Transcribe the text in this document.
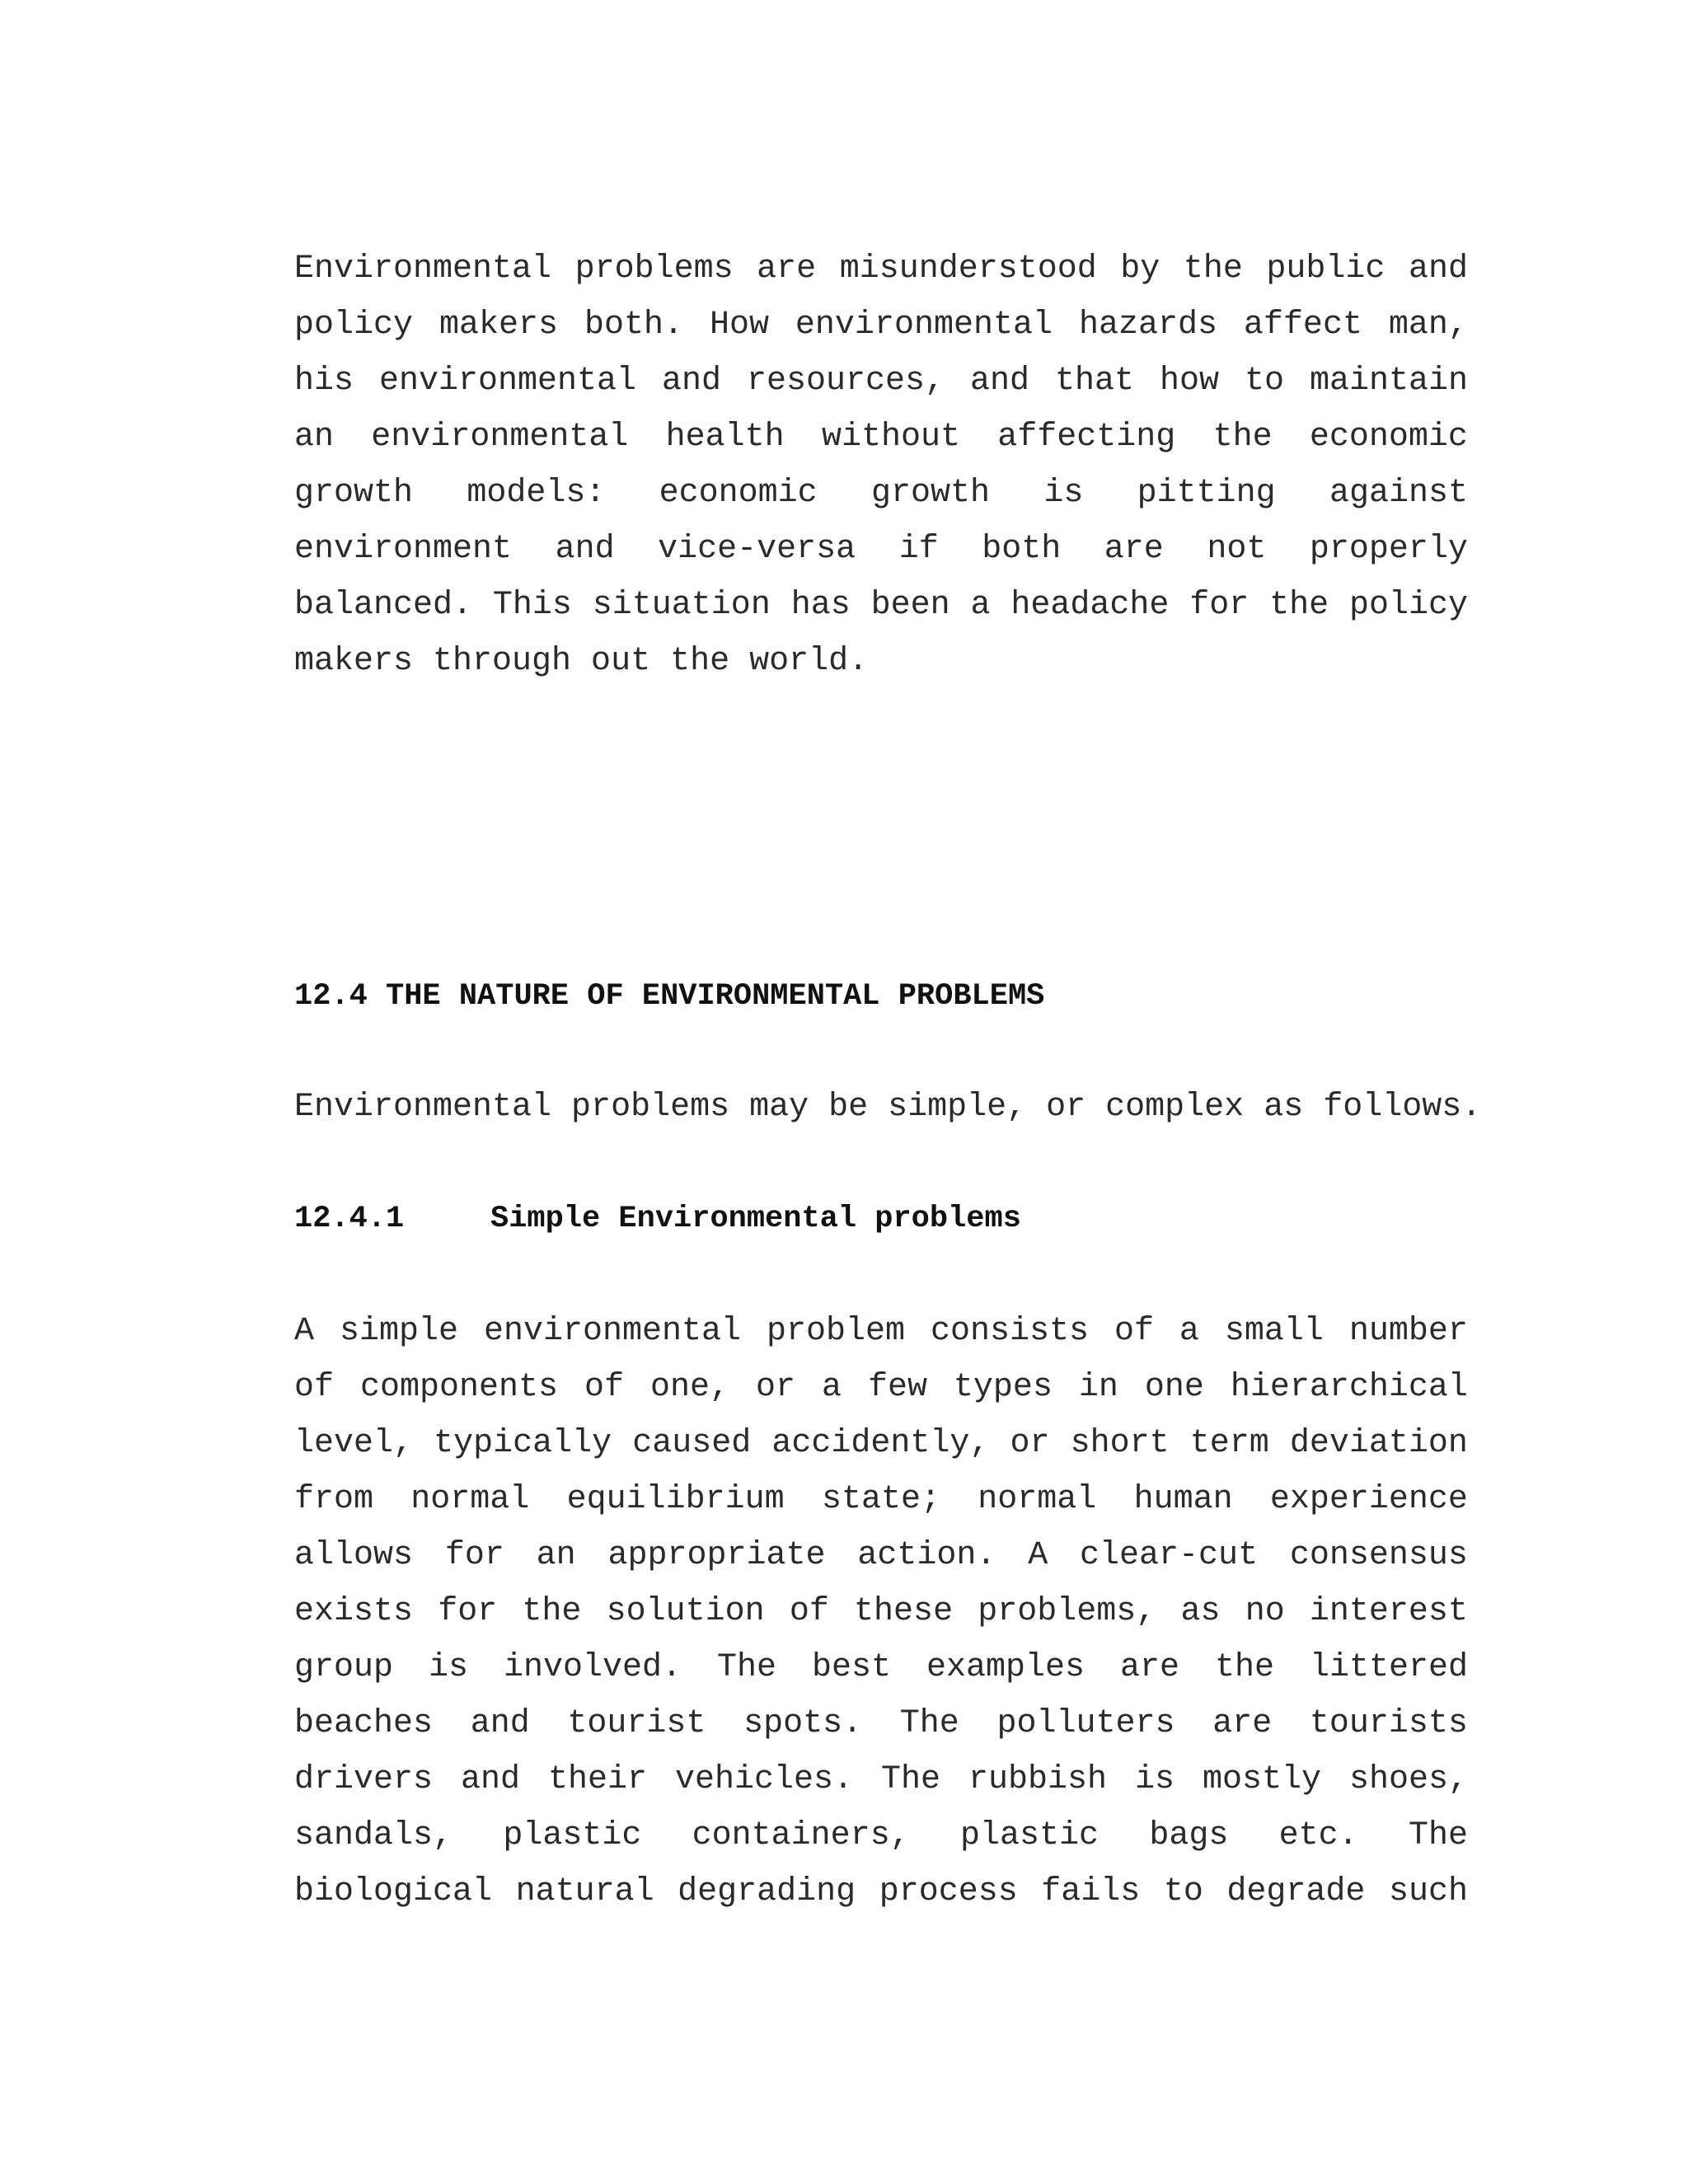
Environmental problems are misunderstood by the public and
policy makers both. How environmental hazards affect man,
his environmental and resources, and that how to maintain
an environmental health without affecting the economic
growth models: economic growth is pitting against
environment and vice-versa if both are not properly
balanced. This situation has been a headache for the policy
makers through out the world.
12.4 THE NATURE OF ENVIRONMENTAL PROBLEMS
Environmental problems may be simple, or complex as follows.
12.4.1	Simple Environmental problems
A simple environmental problem consists of a small number
of components of one, or a few types in one hierarchical
level, typically caused accidently, or short term deviation
from normal equilibrium state; normal human experience
allows for an appropriate action. A clear-cut consensus
exists for the solution of these problems, as no interest
group is involved. The best examples are the littered
beaches and tourist spots. The polluters are tourists
drivers and their vehicles. The rubbish is mostly shoes,
sandals, plastic containers, plastic bags etc. The
biological natural degrading process fails to degrade such
